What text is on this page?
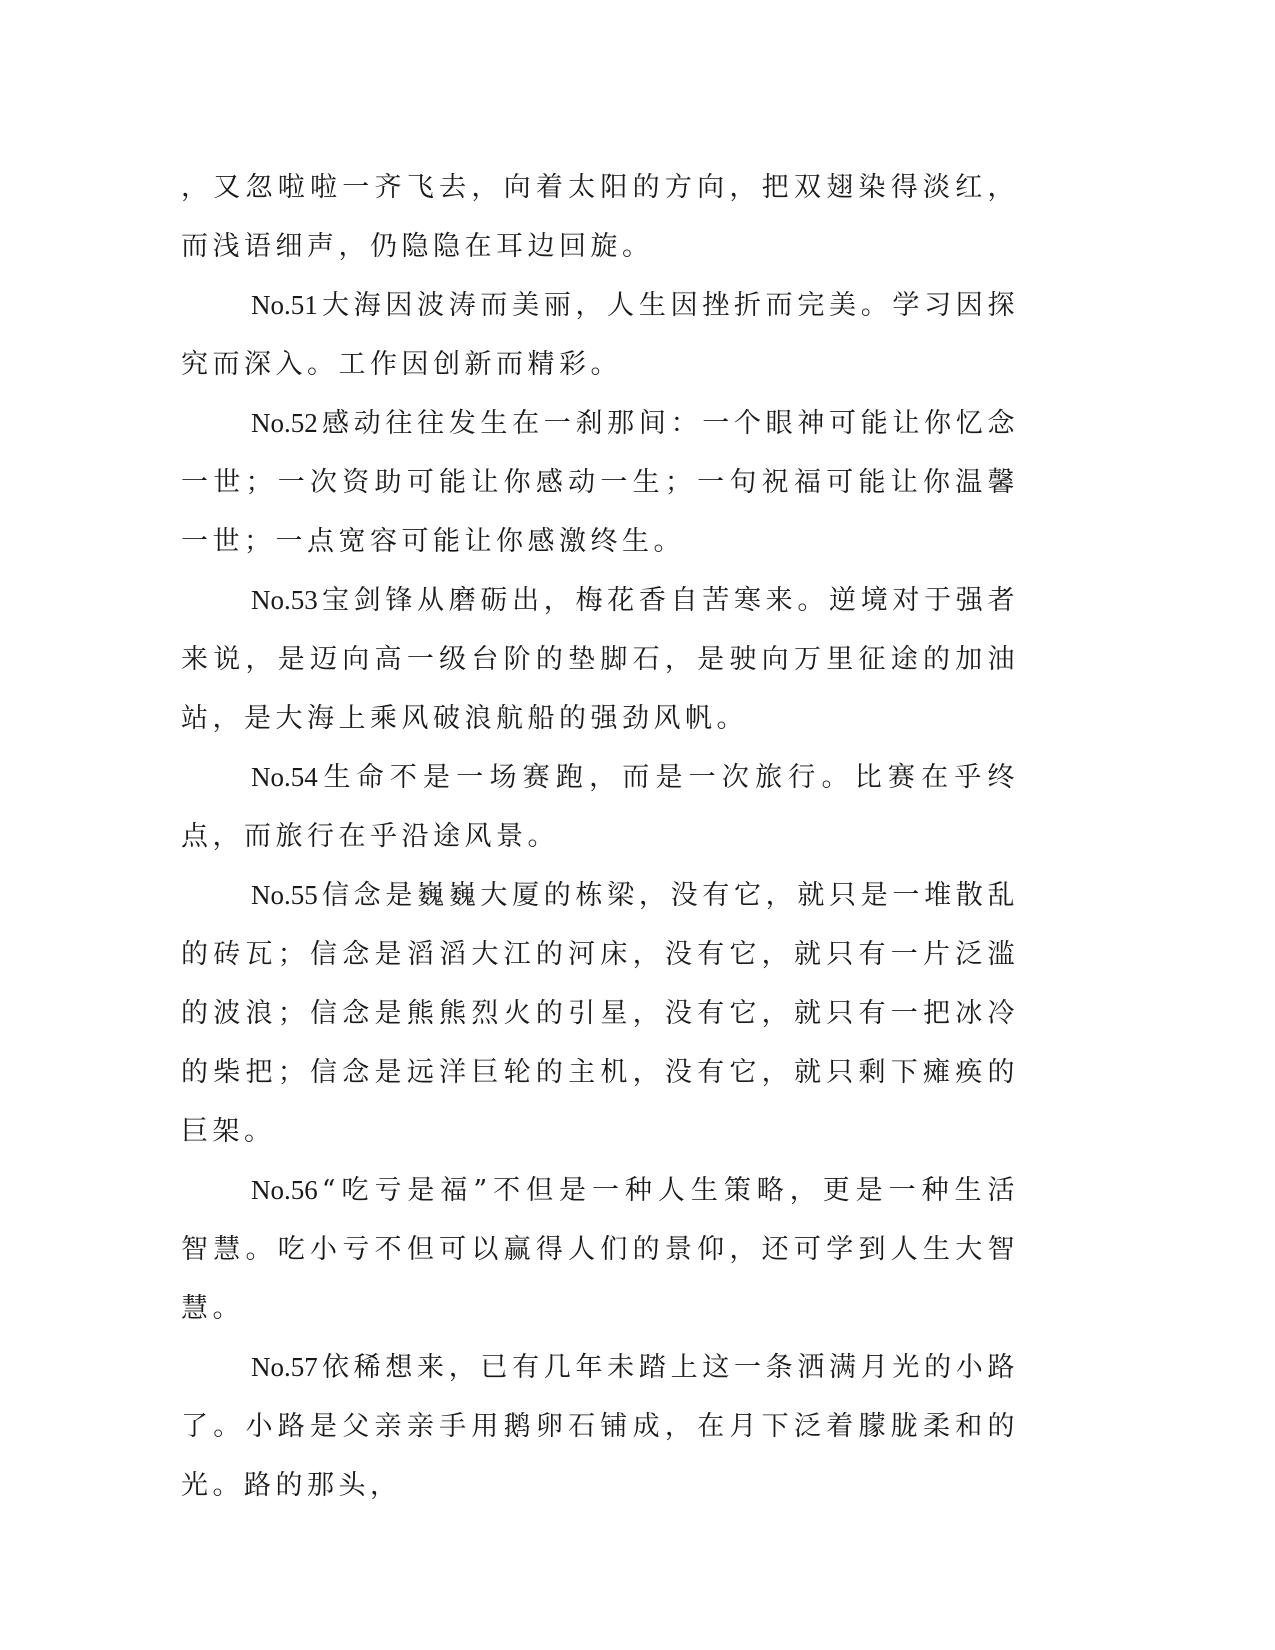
，又忽啦啦一齐飞去，向着太阳的方向，把双翅染得淡红，而浅语细声，仍隐隐在耳边回旋。

No.51 大海因波涛而美丽，人生因挫折而完美。学习因探究而深入。工作因创新而精彩。

No.52 感动往往发生在一刹那间：一个眼神可能让你忆念一世；一次资助可能让你感动一生；一句祝福可能让你温馨一世；一点宽容可能让你感激终生。

No.53 宝剑锋从磨砺出，梅花香自苦寒来。逆境对于强者来说，是迈向高一级台阶的垫脚石，是驶向万里征途的加油站，是大海上乘风破浪航船的强劲风帆。

No.54 生命不是一场赛跑，而是一次旅行。比赛在乎终点，而旅行在乎沿途风景。

No.55 信念是巍巍大厦的栋梁，没有它，就只是一堆散乱的砖瓦；信念是滔滔大江的河床，没有它，就只有一片泛滥的波浪；信念是熊熊烈火的引星，没有它，就只有一把冰冷的柴把；信念是远洋巨轮的主机，没有它，就只剩下瘫痪的巨架。

No.56 “吃亏是福”不但是一种人生策略，更是一种生活智慧。吃小亏不但可以赢得人们的景仰，还可学到人生大智慧。

No.57 依稀想来，已有几年未踏上这一条洒满月光的小路了。小路是父亲亲手用鹅卵石铺成，在月下泛着朦胧柔和的光。路的那头，
